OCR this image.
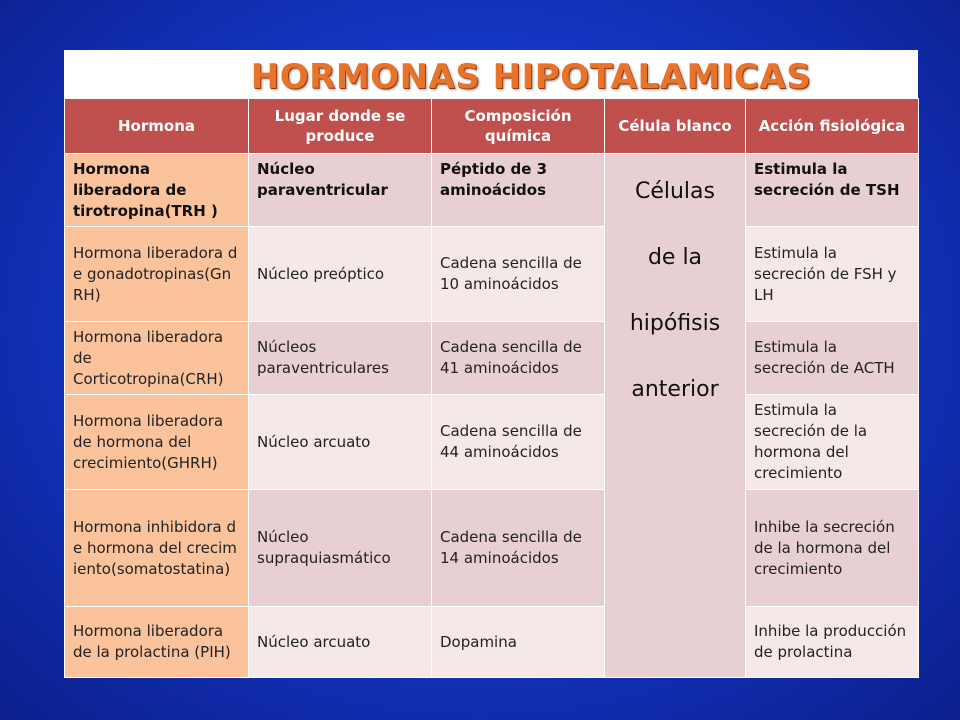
HORMONAS HIPOTALAMICAS
Hormona	Lugar donde se produce	Composición química	Célula blanco	Acción fisiológica
Hormona liberadora de tirotropina(TRH )	Núcleo paraventricular	Péptido de 3 aminoácidos	Células
de la
hipófisis
anterior	Estimula la secreción de TSH
Hormona liberadora de gonadotropinas(GnRH)	Núcleo preóptico	Cadena sencilla de 10 aminoácidos		Estimula la secreción de FSH y LH
Hormona liberadora de Corticotropina(CRH)	Núcleos paraventriculares	Cadena sencilla de 41 aminoácidos		Estimula la secreción de ACTH
Hormona liberadora de hormona del crecimiento(GHRH)	Núcleo arcuato	Cadena sencilla de 44 aminoácidos		Estimula la secreción de la hormona del crecimiento
Hormona inhibidora de hormona del crecimiento(somatostatina)	Núcleo supraquiasmático	Cadena sencilla de 14 aminoácidos		Inhibe la secreción de la hormona del crecimiento
Hormona liberadora de la prolactina (PIH)	Núcleo arcuato	Dopamina		Inhibe la producción de prolactina
